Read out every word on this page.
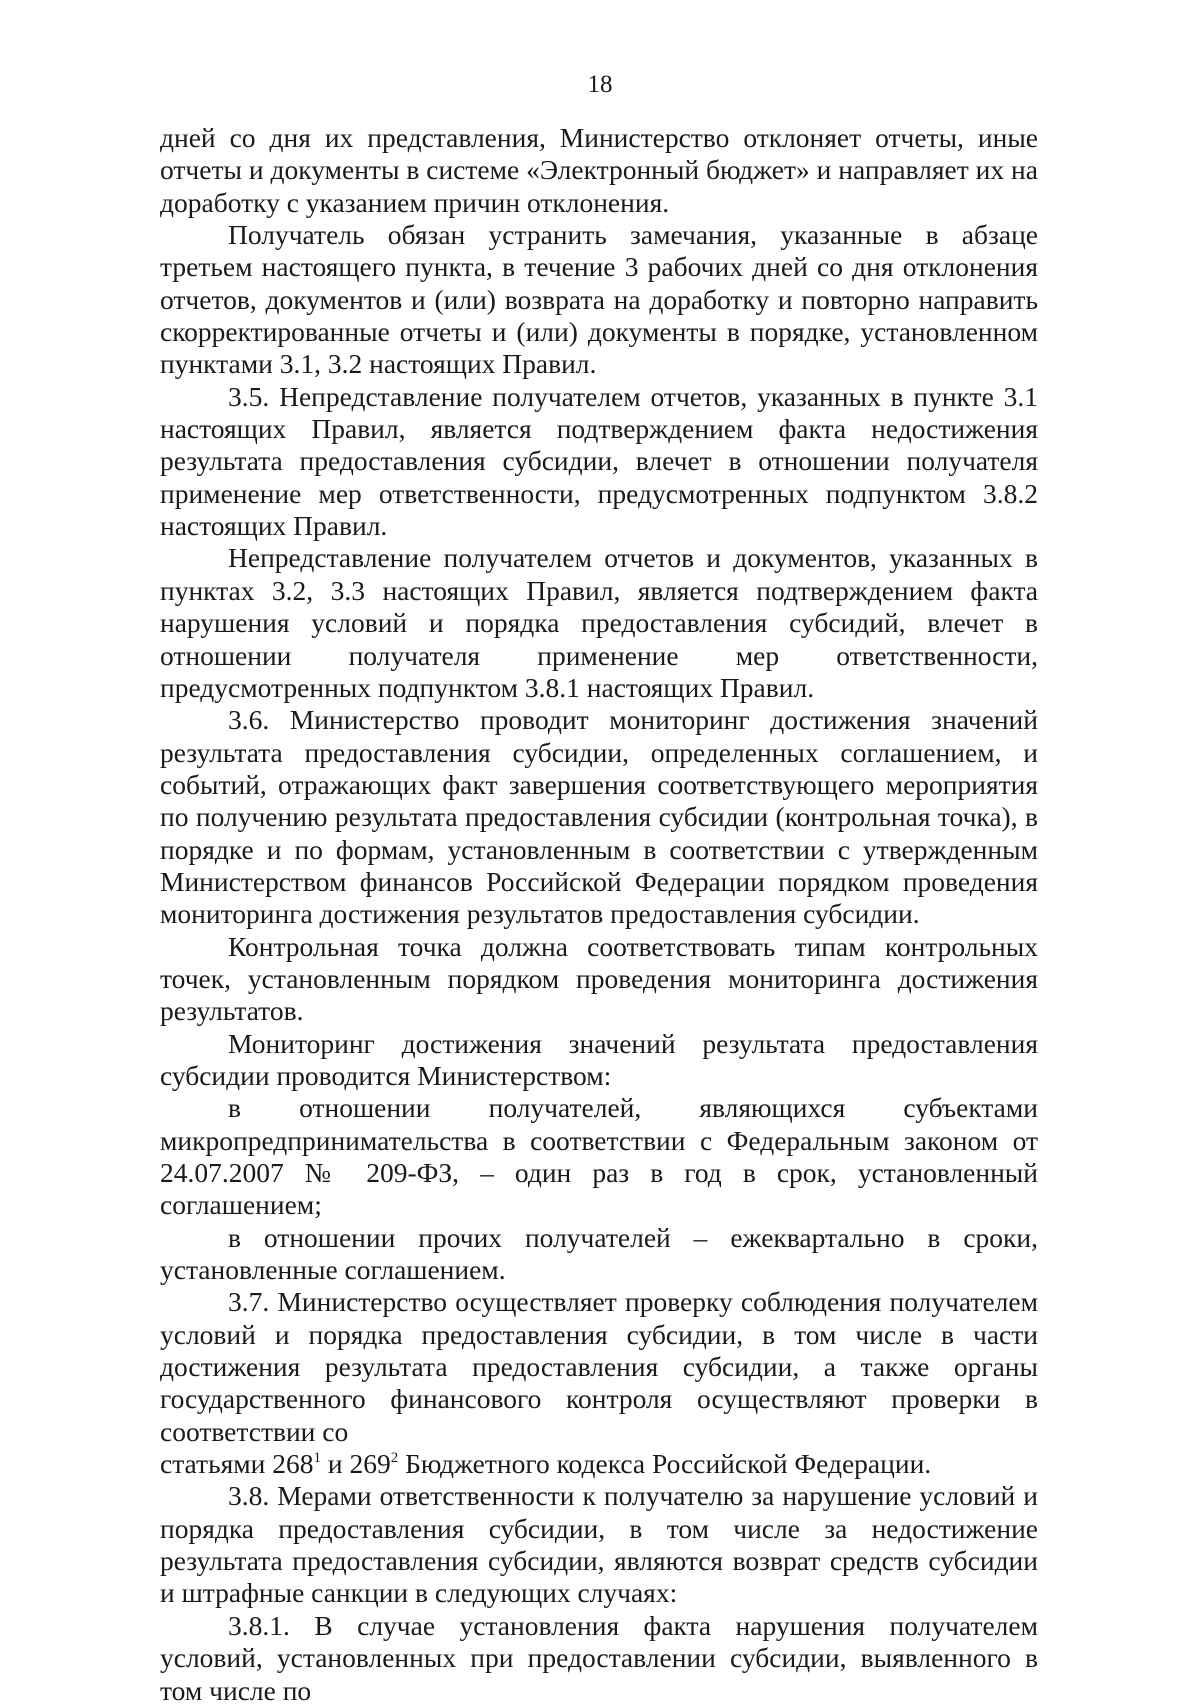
18

дней со дня их представления, Министерство отклоняет отчеты, иные отчеты и документы в системе «Электронный бюджет» и направляет их на доработку с указанием причин отклонения.

Получатель обязан устранить замечания, указанные в абзаце третьем настоящего пункта, в течение 3 рабочих дней со дня отклонения отчетов, документов и (или) возврата на доработку и повторно направить скорректированные отчеты и (или) документы в порядке, установленном пунктами 3.1, 3.2 настоящих Правил.

3.5. Непредставление получателем отчетов, указанных в пункте 3.1 настоящих Правил, является подтверждением факта недостижения результата предоставления субсидии, влечет в отношении получателя применение мер ответственности, предусмотренных подпунктом 3.8.2 настоящих Правил.

Непредставление получателем отчетов и документов, указанных в пунктах 3.2, 3.3 настоящих Правил, является подтверждением факта нарушения условий и порядка предоставления субсидий, влечет в отношении получателя применение мер ответственности, предусмотренных подпунктом 3.8.1 настоящих Правил.

3.6. Министерство проводит мониторинг достижения значений результата предоставления субсидии, определенных соглашением, и событий, отражающих факт завершения соответствующего мероприятия по получению результата предоставления субсидии (контрольная точка), в порядке и по формам, установленным в соответствии с утвержденным Министерством финансов Российской Федерации порядком проведения мониторинга достижения результатов предоставления субсидии.

Контрольная точка должна соответствовать типам контрольных точек, установленным порядком проведения мониторинга достижения результатов.

Мониторинг достижения значений результата предоставления субсидии проводится Министерством:

в отношении получателей, являющихся субъектами микропредпринимательства в соответствии с Федеральным законом от 24.07.2007 № 209-ФЗ, – один раз в год в срок, установленный соглашением;

в отношении прочих получателей – ежеквартально в сроки, установленные соглашением.

3.7. Министерство осуществляет проверку соблюдения получателем условий и порядка предоставления субсидии, в том числе в части достижения результата предоставления субсидии, а также органы государственного финансового контроля осуществляют проверки в соответствии со

статьями $268^1$ и $269^2$ Бюджетного кодекса Российской Федерации.

3.8. Мерами ответственности к получателю за нарушение условий и порядка предоставления субсидии, в том числе за недостижение результата предоставления субсидии, являются возврат средств субсидии и штрафные санкции в следующих случаях:

3.8.1. В случае установления факта нарушения получателем условий, установленных при предоставлении субсидии, выявленного в том числе по
